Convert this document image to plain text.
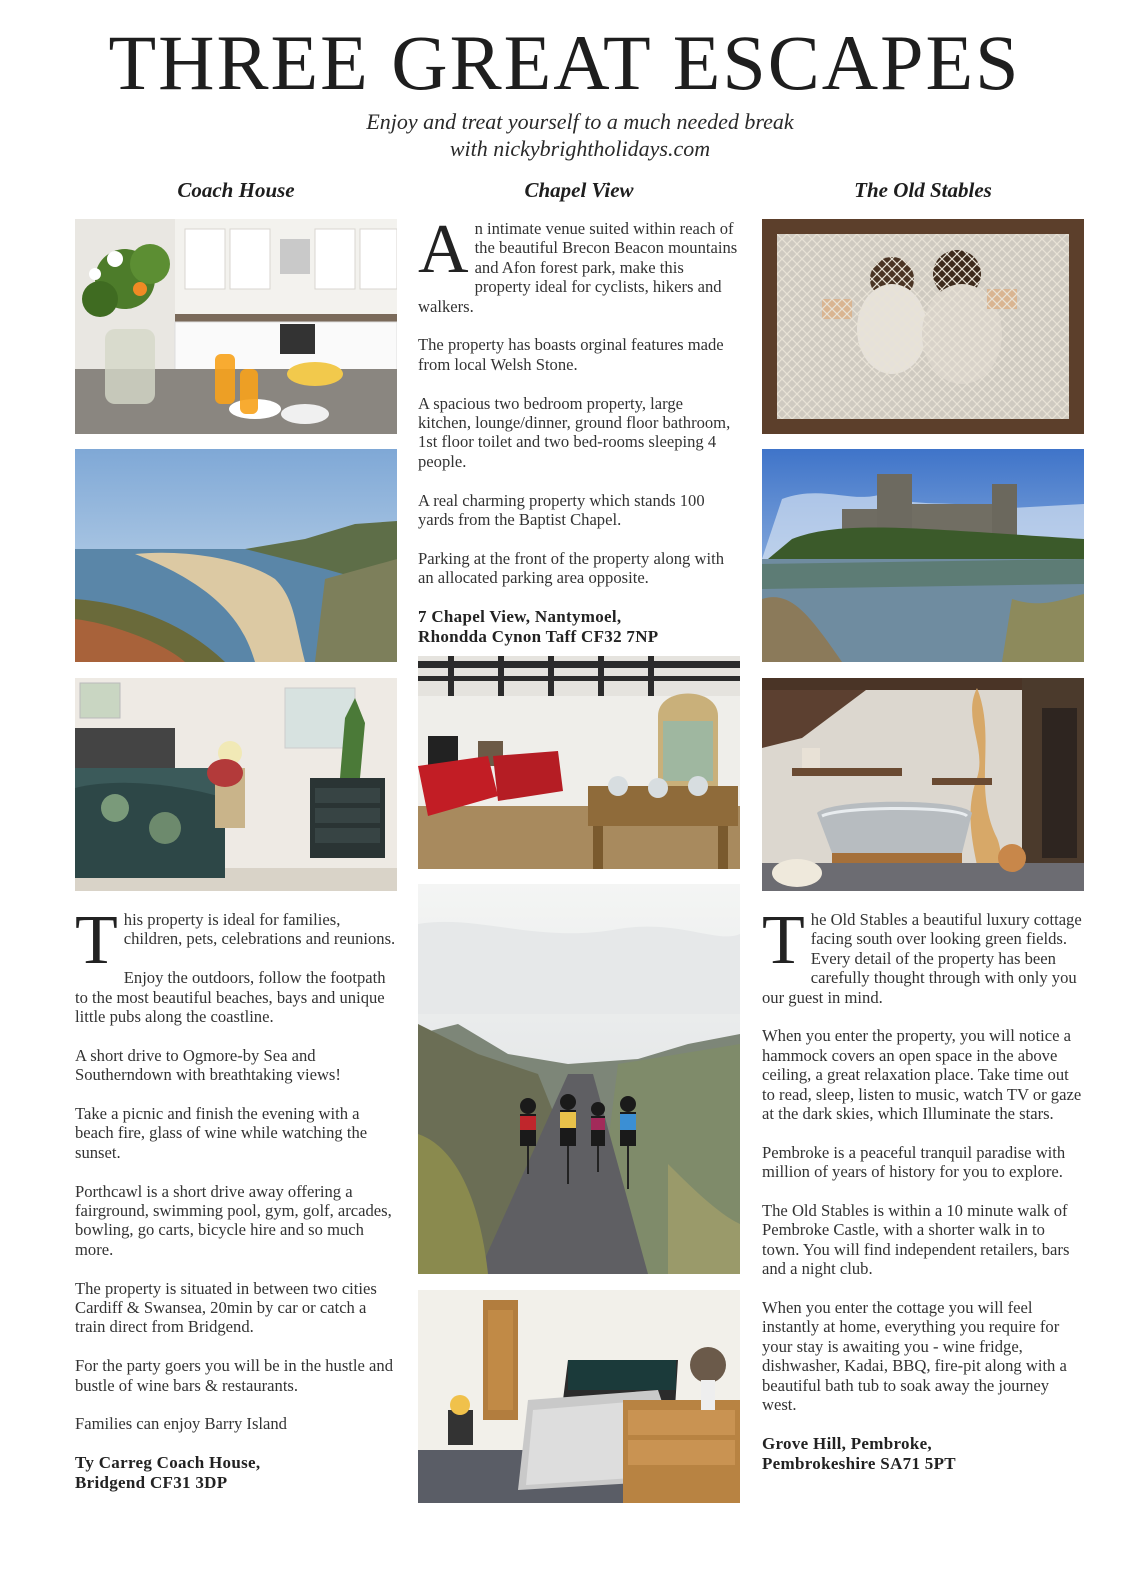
THREE GREAT ESCAPES
Enjoy and treat yourself to a much needed break
with nickybrightholidays.com
Coach House	Chapel View	The Old Stables

This property is ideal for families, children, pets, celebrations and reunions.

Enjoy the outdoors, follow the footpath to the most beautiful beaches, bays and unique little pubs along the coastline.

A short drive to Ogmore-by Sea and Southerndown with breathtaking views!

Take a picnic and finish the evening with a beach fire, glass of wine while watching the sunset.

Porthcawl is a short drive away offering a fairground, swimming pool, gym, golf, arcades, bowling, go carts, bicycle hire and so much more.

The property is situated in between two cities Cardiff & Swansea, 20min by car or catch a train direct from Bridgend.

For the party goers you will be in the hustle and bustle of wine bars & restaurants.

Families can enjoy Barry Island

Ty Carreg Coach House,
Bridgend CF31 3DP

An intimate venue suited within reach of the beautiful Brecon Beacon mountains and Afon forest park, make this property ideal for cyclists, hikers and walkers.

The property has boasts orginal features made from local Welsh Stone.

A spacious two bedroom property, large kitchen, lounge/dinner, ground floor bathroom, 1st floor toilet and two bed-rooms sleeping 4 people.

A real charming property which stands 100 yards from the Baptist Chapel.

Parking at the front of the property along with an allocated parking area opposite.

7 Chapel View, Nantymoel,
Rhondda Cynon Taff CF32 7NP

The Old Stables a beautiful luxury cottage facing south over looking green fields. Every detail of the property has been carefully thought through with only you our guest in mind.

When you enter the property, you will notice a hammock covers an open space in the above ceiling, a great relaxation place. Take time out to read, sleep, listen to music, watch TV or gaze at the dark skies, which Illuminate the stars.

Pembroke is a peaceful tranquil paradise with million of years of history for you to explore.

The Old Stables is within a 10 minute walk of Pembroke Castle, with a shorter walk in to town. You will find independent retailers, bars and a night club.

When you enter the cottage you will feel instantly at home, everything you require for your stay is awaiting you - wine fridge, dishwasher, Kadai, BBQ, fire-pit along with a beautiful bath tub to soak away the journey west.

Grove Hill, Pembroke,
Pembrokeshire SA71 5PT
